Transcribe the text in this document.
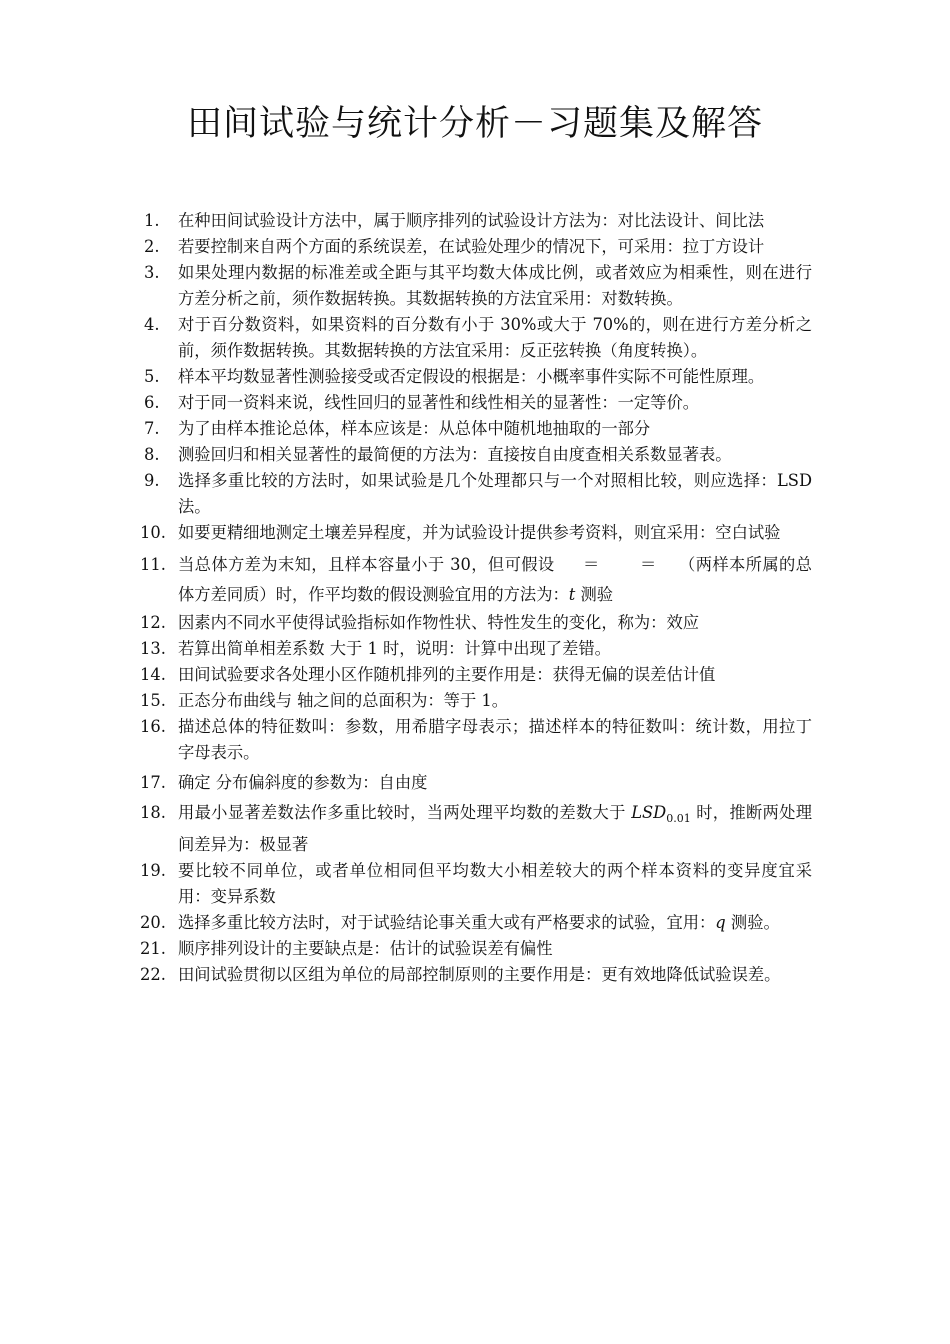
田间试验与统计分析－习题集及解答
1.	在种田间试验设计方法中，属于顺序排列的试验设计方法为：对比法设计、间比法
2.	若要控制来自两个方面的系统误差，在试验处理少的情况下，可采用：拉丁方设计
3.	如果处理内数据的标准差或全距与其平均数大体成比例，或者效应为相乘性，则在进行方差分析之前，须作数据转换。其数据转换的方法宜采用：对数转换。
4.	对于百分数资料，如果资料的百分数有小于 30%或大于 70%的，则在进行方差分析之前，须作数据转换。其数据转换的方法宜采用：反正弦转换（角度转换）。
5.	样本平均数显著性测验接受或否定假设的根据是：小概率事件实际不可能性原理。
6.	对于同一资料来说，线性回归的显著性和线性相关的显著性：一定等价。
7.	为了由样本推论总体，样本应该是：从总体中随机地抽取的一部分
8.	测验回归和相关显著性的最简便的方法为：直接按自由度查相关系数显著表。
9.	选择多重比较的方法时，如果试验是几个处理都只与一个对照相比较，则应选择：LSD 法。
10. 如要更精细地测定土壤差异程度，并为试验设计提供参考资料，则宜采用：空白试验
11. 当总体方差为末知，且样本容量小于 30，但可假设 ＝ ＝ （两样本所属的总体方差同质）时，作平均数的假设测验宜用的方法为：t 测验
12. 因素内不同水平使得试验指标如作物性状、特性发生的变化，称为：效应
13. 若算出简单相差系数 大于 1 时，说明：计算中出现了差错。
14. 田间试验要求各处理小区作随机排列的主要作用是：获得无偏的误差估计值
15. 正态分布曲线与 轴之间的总面积为：等于 1。
16. 描述总体的特征数叫：参数，用希腊字母表示；描述样本的特征数叫：统计数，用拉丁字母表示。
17. 确定 分布偏斜度的参数为：自由度
18. 用最小显著差数法作多重比较时，当两处理平均数的差数大于 $LSD_{0.01}$ 时，推断两处理间差异为：极显著
19. 要比较不同单位，或者单位相同但平均数大小相差较大的两个样本资料的变异度宜采用：变异系数
20. 选择多重比较方法时，对于试验结论事关重大或有严格要求的试验，宜用：q 测验。
21. 顺序排列设计的主要缺点是：估计的试验误差有偏性
22. 田间试验贯彻以区组为单位的局部控制原则的主要作用是：更有效地降低试验误差。
